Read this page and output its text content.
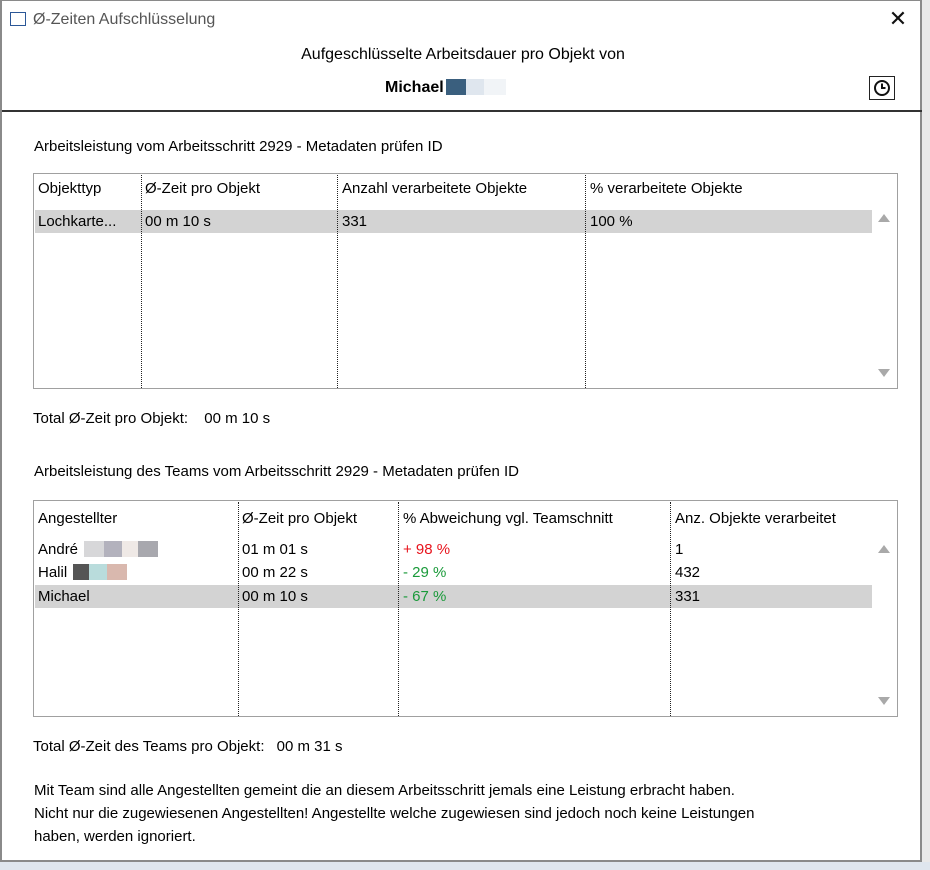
Ø-Zeiten Aufschlüsselung	✕
Aufgeschlüsselte Arbeitsdauer pro Objekt von
Michael
Arbeitsleistung vom Arbeitsschritt 2929 - Metadaten prüfen ID
Objekttyp	Ø-Zeit pro Objekt	Anzahl verarbeitete Objekte	% verarbeitete Objekte
Lochkarte... 00 m 10 s	331	100 %
Total Ø-Zeit pro Objekt: 00 m 10 s
Arbeitsleistung des Teams vom Arbeitsschritt 2929 - Metadaten prüfen ID
Angestellter	Ø-Zeit pro Objekt	% Abweichung vgl. Teamschnitt	Anz. Objekte verarbeitet
André	01 m 01 s	+ 98 %	1
Halil	00 m 22 s	- 29 %	432
Michael	00 m 10 s	- 67 %	331
Total Ø-Zeit des Teams pro Objekt: 00 m 31 s
Mit Team sind alle Angestellten gemeint die an diesem Arbeitsschritt jemals eine Leistung erbracht haben.
Nicht nur die zugewiesenen Angestellten! Angestellte welche zugewiesen sind jedoch noch keine Leistungen
haben, werden ignoriert.
